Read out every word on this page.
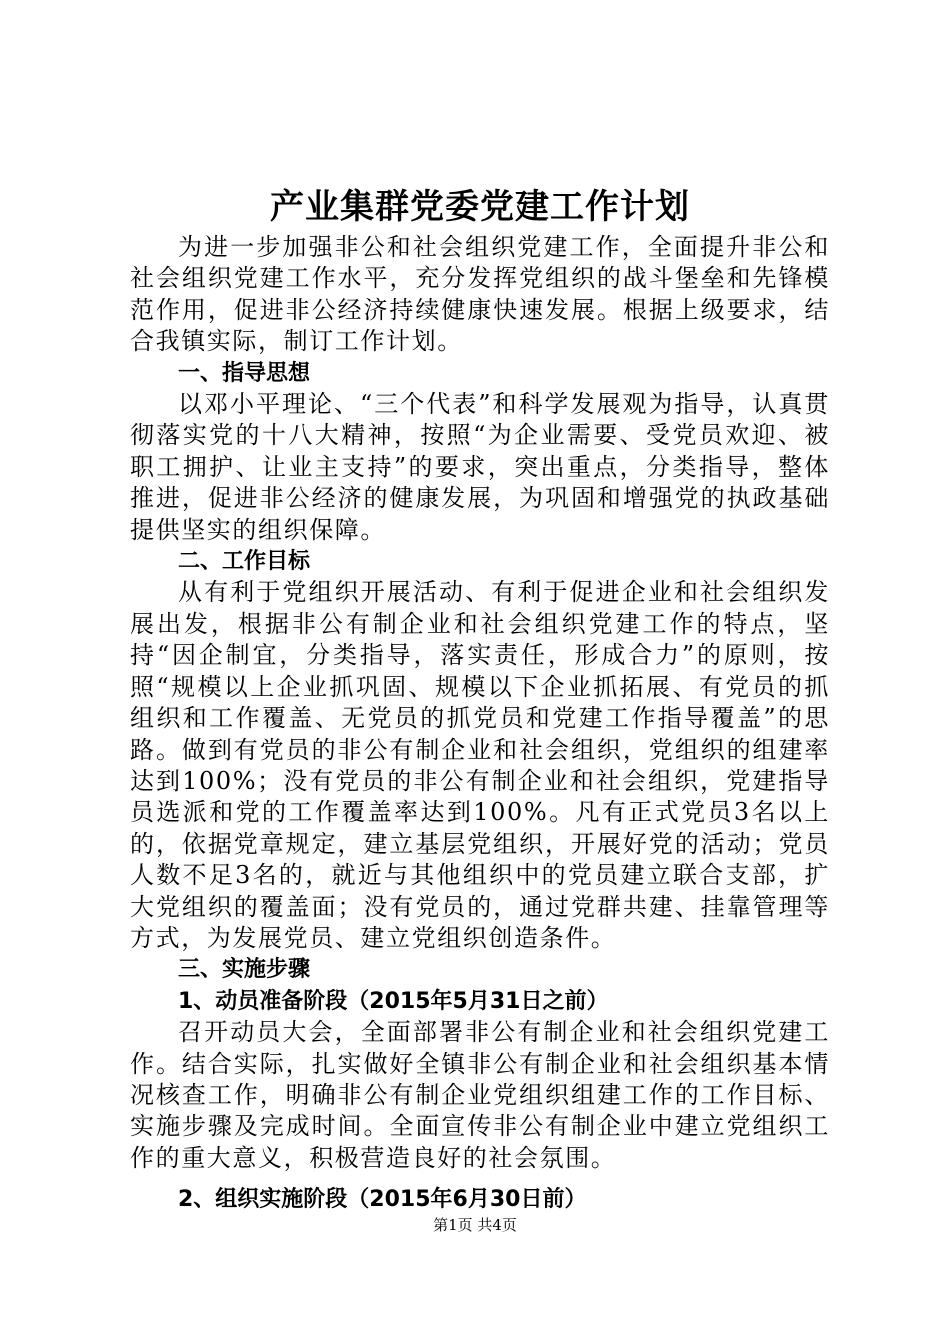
产业集群党委党建工作计划

为进一步加强非公和社会组织党建工作，全面提升非公和社会组织党建工作水平，充分发挥党组织的战斗堡垒和先锋模范作用，促进非公经济持续健康快速发展。根据上级要求，结合我镇实际，制订工作计划。

一、指导思想

以邓小平理论、“三个代表”和科学发展观为指导，认真贯彻落实党的十八大精神，按照“为企业需要、受党员欢迎、被职工拥护、让业主支持”的要求，突出重点，分类指导，整体推进，促进非公经济的健康发展，为巩固和增强党的执政基础提供坚实的组织保障。

二、工作目标

从有利于党组织开展活动、有利于促进企业和社会组织发展出发，根据非公有制企业和社会组织党建工作的特点，坚持“因企制宜，分类指导，落实责任，形成合力”的原则，按照“规模以上企业抓巩固、规模以下企业抓拓展、有党员的抓组织和工作覆盖、无党员的抓党员和党建工作指导覆盖”的思路。做到有党员的非公有制企业和社会组织，党组织的组建率达到100%；没有党员的非公有制企业和社会组织，党建指导员选派和党的工作覆盖率达到100%。凡有正式党员3名以上的，依据党章规定，建立基层党组织，开展好党的活动；党员人数不足3名的，就近与其他组织中的党员建立联合支部，扩大党组织的覆盖面；没有党员的，通过党群共建、挂靠管理等方式，为发展党员、建立党组织创造条件。

三、实施步骤
1、动员准备阶段（2015年5月31日之前）

召开动员大会，全面部署非公有制企业和社会组织党建工作。结合实际，扎实做好全镇非公有制企业和社会组织基本情况核查工作，明确非公有制企业党组织组建工作的工作目标、实施步骤及完成时间。全面宣传非公有制企业中建立党组织工作的重大意义，积极营造良好的社会氛围。

2、组织实施阶段（2015年6月30日前）
第1页 共4页
